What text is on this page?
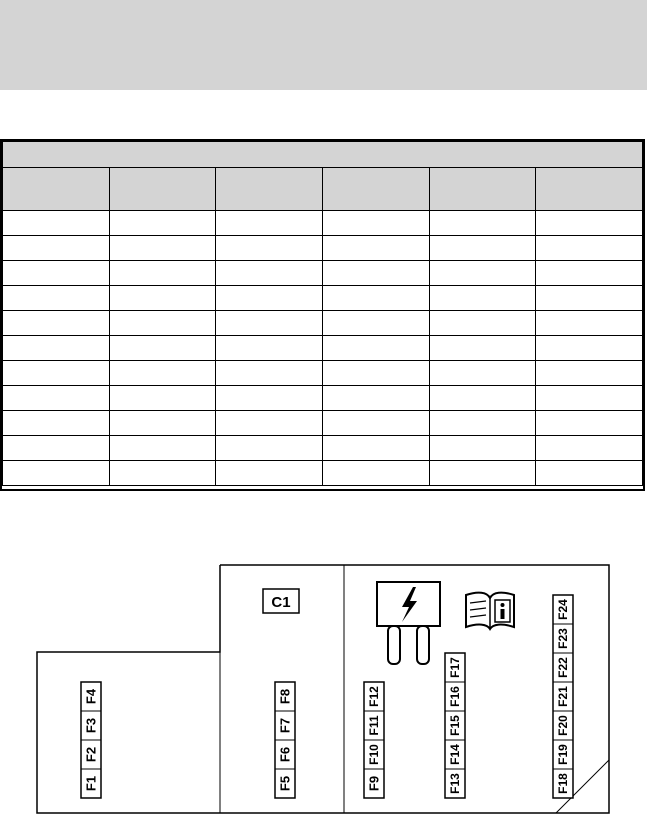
C1
F1
F2
F3
F4
F5
F6
F7
F8
F9
F10
F11
F12
F13
F14
F15
F16
F17
F18
F19
F20
F21
F22
F23
F24
